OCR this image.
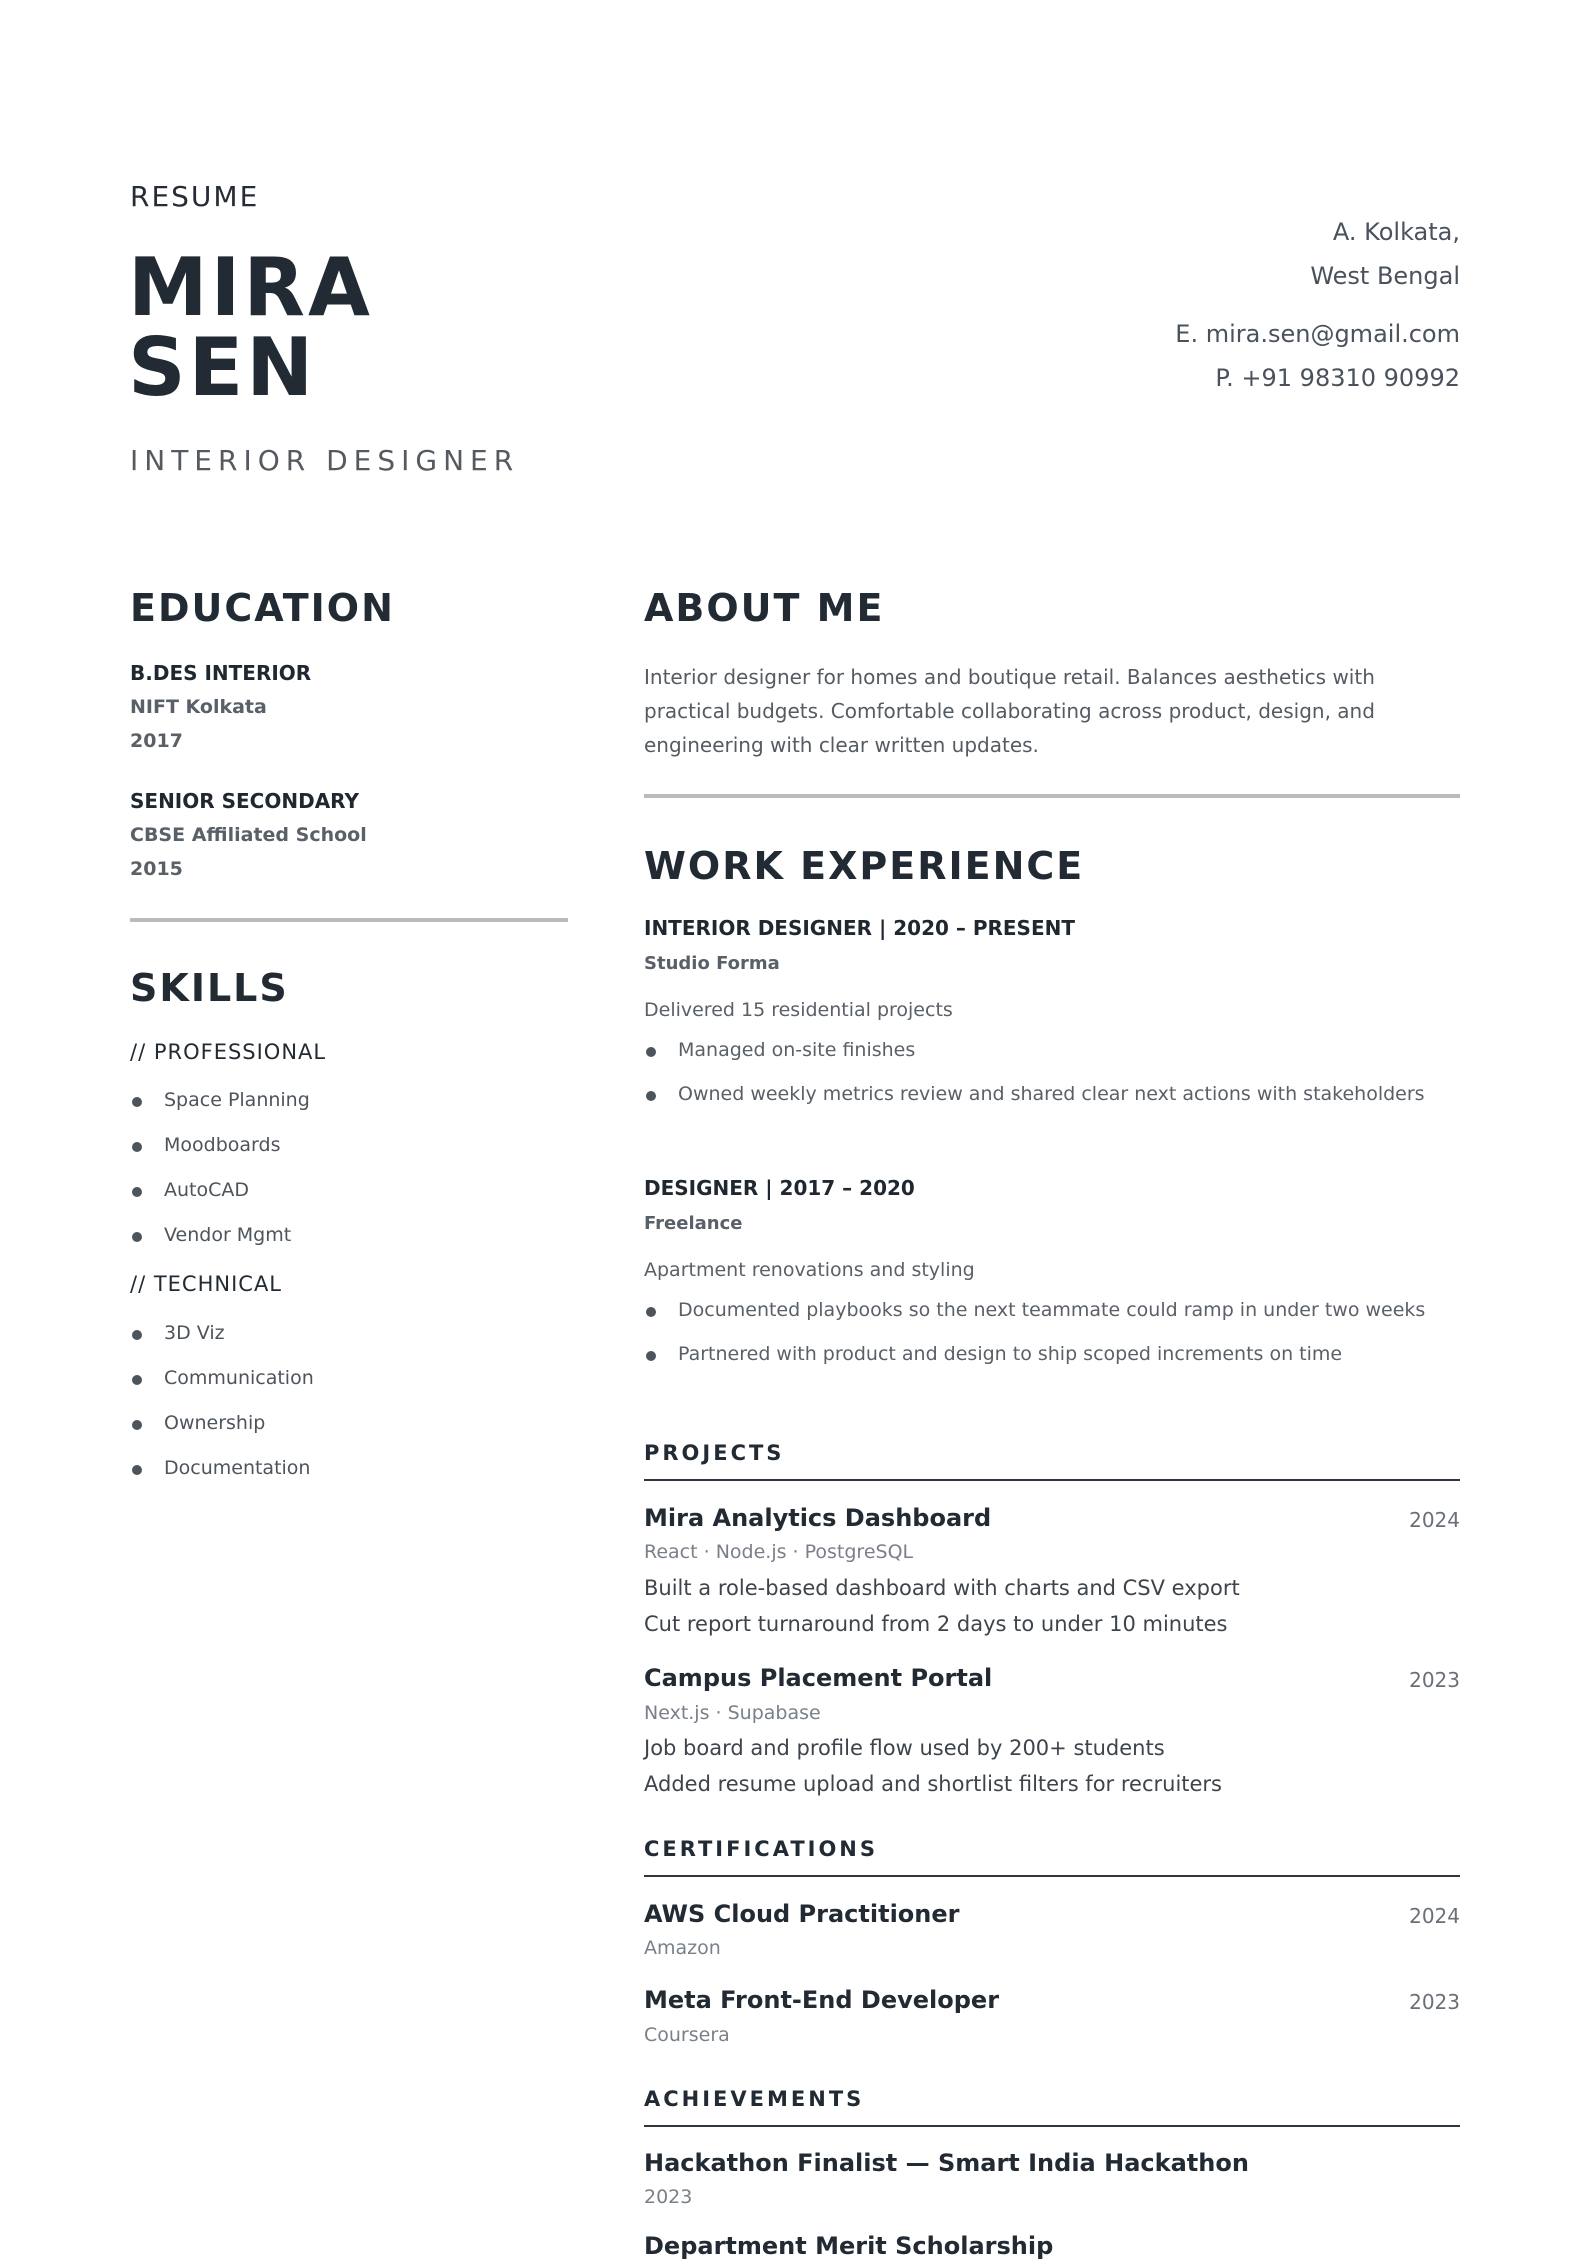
RESUME
MIRA
SEN
INTERIOR DESIGNER
A. Kolkata,
West Bengal
E. mira.sen@gmail.com
P. +91 98310 90992
EDUCATION
B.DES INTERIOR
NIFT Kolkata
2017
SENIOR SECONDARY
CBSE Affiliated School
2015
SKILLS
// PROFESSIONAL
Space Planning
Moodboards
AutoCAD
Vendor Mgmt
// TECHNICAL
3D Viz
Communication
Ownership
Documentation
ABOUT ME
Interior designer for homes and boutique retail. Balances aesthetics with practical budgets. Comfortable collaborating across product, design, and engineering with clear written updates.
WORK EXPERIENCE
INTERIOR DESIGNER | 2020 – PRESENT
Studio Forma
Delivered 15 residential projects
Managed on-site finishes
Owned weekly metrics review and shared clear next actions with stakeholders
DESIGNER | 2017 – 2020
Freelance
Apartment renovations and styling
Documented playbooks so the next teammate could ramp in under two weeks
Partnered with product and design to ship scoped increments on time
PROJECTS
Mira Analytics Dashboard	2024
React · Node.js · PostgreSQL
Built a role-based dashboard with charts and CSV export
Cut report turnaround from 2 days to under 10 minutes
Campus Placement Portal	2023
Next.js · Supabase
Job board and profile flow used by 200+ students
Added resume upload and shortlist filters for recruiters
CERTIFICATIONS
AWS Cloud Practitioner	2024
Amazon
Meta Front-End Developer	2023
Coursera
ACHIEVEMENTS
Hackathon Finalist — Smart India Hackathon
2023
Department Merit Scholarship
